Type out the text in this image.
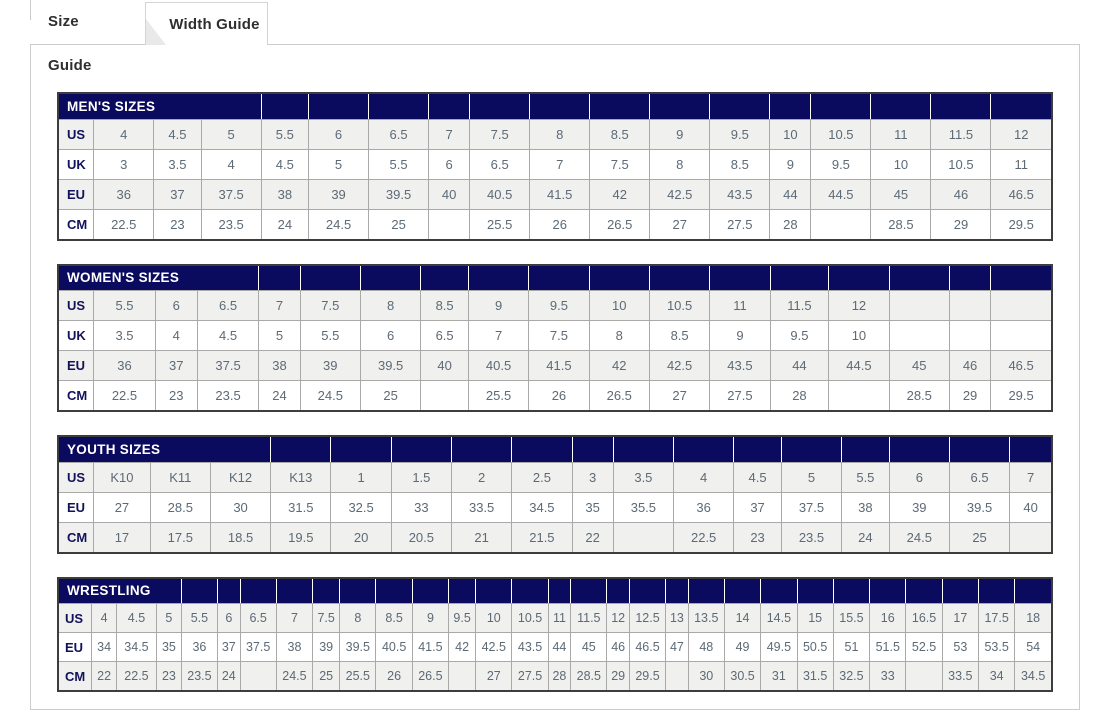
Size Guide
Width Guide
MEN'S SIZES																	
US	4	4.5	5	5.5	6	6.5	7	7.5	8	8.5	9	9.5	10	10.5	11	11.5	12
UK	3	3.5	4	4.5	5	5.5	6	6.5	7	7.5	8	8.5	9	9.5	10	10.5	11
EU	36	37	37.5	38	39	39.5	40	40.5	41.5	42	42.5	43.5	44	44.5	45	46	46.5
CM	22.5	23	23.5	24	24.5	25		25.5	26	26.5	27	27.5	28		28.5	29	29.5
WOMEN'S SIZES																	
US	5.5	6	6.5	7	7.5	8	8.5	9	9.5	10	10.5	11	11.5	12			
UK	3.5	4	4.5	5	5.5	6	6.5	7	7.5	8	8.5	9	9.5	10			
EU	36	37	37.5	38	39	39.5	40	40.5	41.5	42	42.5	43.5	44	44.5	45	46	46.5
CM	22.5	23	23.5	24	24.5	25		25.5	26	26.5	27	27.5	28		28.5	29	29.5
YOUTH SIZES																	
US	K10	K11	K12	K13	1	1.5	2	2.5	3	3.5	4	4.5	5	5.5	6	6.5	7
EU	27	28.5	30	31.5	32.5	33	33.5	34.5	35	35.5	36	37	37.5	38	39	39.5	40
CM	17	17.5	18.5	19.5	20	20.5	21	21.5	22		22.5	23	23.5	24	24.5	25	
WRESTLING																													
US	4	4.5	5	5.5	6	6.5	7	7.5	8	8.5	9	9.5	10	10.5	11	11.5	12	12.5	13	13.5	14	14.5	15	15.5	16	16.5	17	17.5	18
EU	34	34.5	35	36	37	37.5	38	39	39.5	40.5	41.5	42	42.5	43.5	44	45	46	46.5	47	48	49	49.5	50.5	51	51.5	52.5	53	53.5	54
CM	22	22.5	23	23.5	24		24.5	25	25.5	26	26.5		27	27.5	28	28.5	29	29.5		30	30.5	31	31.5	32.5	33		33.5	34	34.5
